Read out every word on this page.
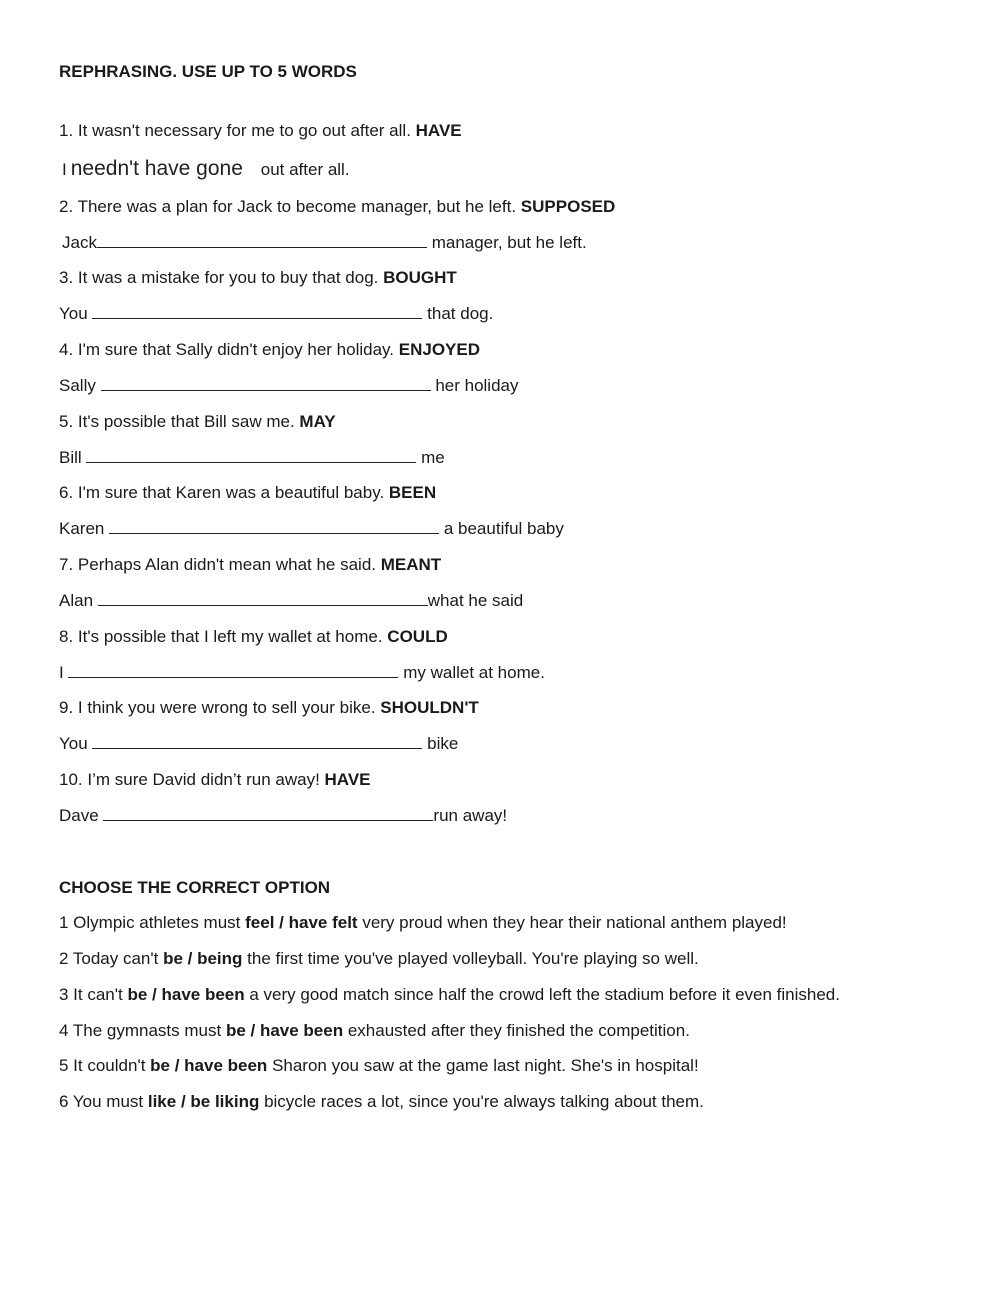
REPHRASING. USE UP TO 5 WORDS
1. It wasn't necessary for me to go out after all. HAVE
Ineedn't have gone	out after all.
2. There was a plan for Jack to become manager, but he left. SUPPOSED
Jack	manager, but he left.
3. It was a mistake for you to buy that dog. BOUGHT
You	that dog.
4. I'm sure that Sally didn't enjoy her holiday. ENJOYED
Sally	her holiday
5. It's possible that Bill saw me. MAY
Bill	me
6. I'm sure that Karen was a beautiful baby. BEEN
Karen	a beautiful baby
7. Perhaps Alan didn't mean what he said. MEANT
Alan	what he said
8. It's possible that I left my wallet at home. COULD
I	my wallet at home.
9. I think you were wrong to sell your bike. SHOULDN'T
You	bike
10. I’m sure David didn’t run away! HAVE
Dave	run away!
CHOOSE THE CORRECT OPTION
1 Olympic athletes must feel / have felt very proud when they hear their national anthem played!
2 Today can't be / being the first time you've played volleyball. You're playing so well.
3 It can't be / have been a very good match since half the crowd left the stadium before it even finished.
4 The gymnasts must be / have been exhausted after they finished the competition.
5 It couldn't be / have been Sharon you saw at the game last night. She's in hospital!
6 You must like / be liking bicycle races a lot, since you're always talking about them.
